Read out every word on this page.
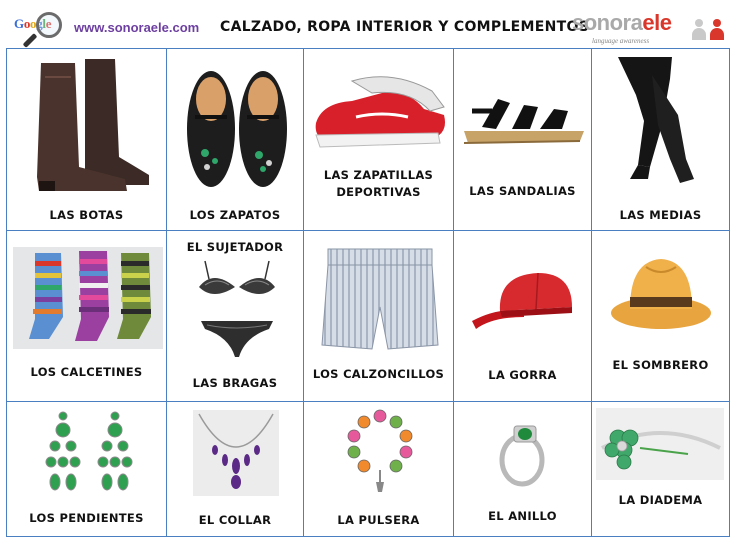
Google www.sonoraele.com CALZADO, ROPA INTERIOR Y COMPLEMENTOS
sonoraele
language awareness
LAS BOTAS	LOS ZAPATOS
LAS ZAPATILLAS
DEPORTIVAS	LAS SANDALIAS
LAS MEDIAS
LOS CALCETINES
EL SUJETADOR
LAS BRAGAS
LOS CALZONCILLOS	LA GORRA
EL SOMBRERO
LOS PENDIENTES	EL COLLAR	LA PULSERA	EL ANILLO
LA DIADEMA
